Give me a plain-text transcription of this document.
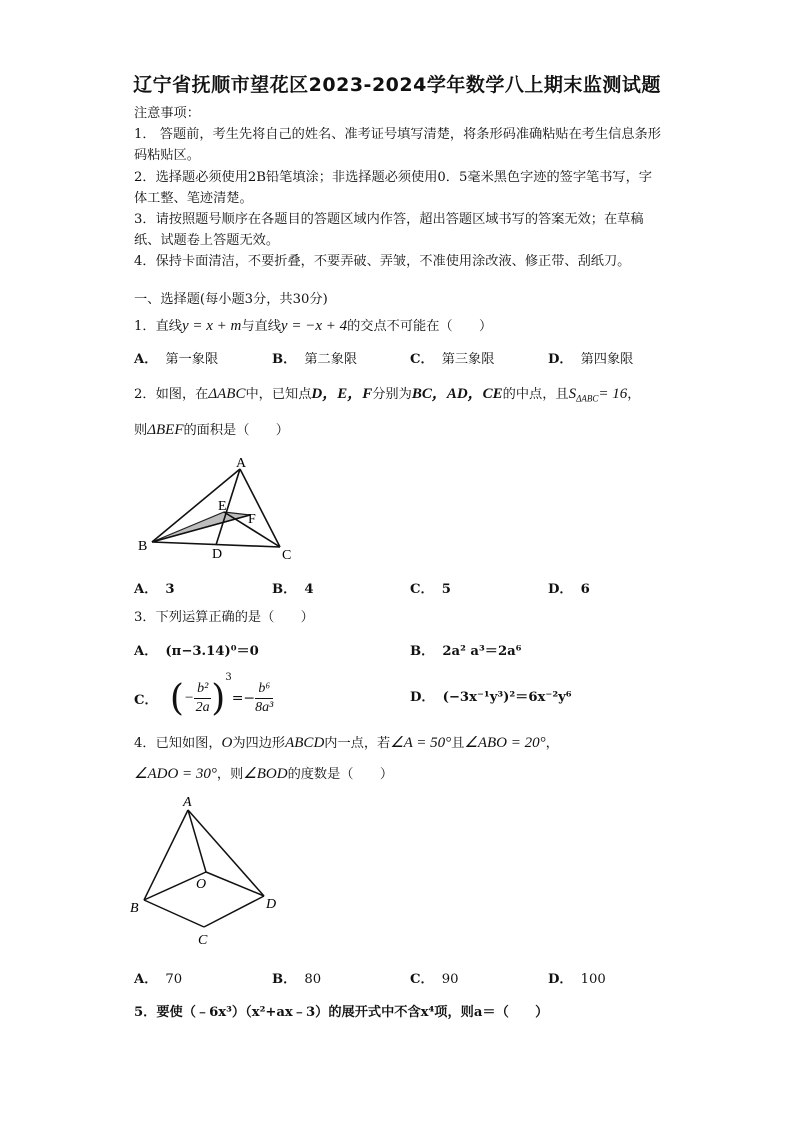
辽宁省抚顺市望花区2023-2024学年数学八上期末监测试题

注意事项：

1． 答题前，考生先将自己的姓名、准考证号填写清楚，将条形码准确粘贴在考生信息条形码粘贴区。

2．选择题必须使用2B铅笔填涂；非选择题必须使用0．5毫米黑色字迹的签字笔书写，字体工整、笔迹清楚。

3．请按照题号顺序在各题目的答题区域内作答，超出答题区域书写的答案无效；在草稿纸、试题卷上答题无效。

4．保持卡面清洁，不要折叠，不要弄破、弄皱，不准使用涂改液、修正带、刮纸刀。

一、选择题(每小题3分，共30分)
1．直线y = x + m与直线y = −x + 4的交点不可能在（　　）
A． 第一象限	B． 第二象限	C． 第三象限	D． 第四象限
2．如图，在ΔABC中，已知点D，E，F分别为BC，AD，CE的中点，且$S_{\Delta ABC}= 16$，
则ΔBEF的面积是（　　）
A
B
C
D
E
F
A． 3	B． 4	C． 5	D． 6
3．下列运算正确的是（　　）
A． (π−3.14)⁰＝0	B． 2a² a³＝2a⁶
C． (− $\frac{\text{b²}}{2a} )^3=- \frac{\text{b⁶}}{\text{8a³}}$	D． (−3x⁻¹y³)²＝6x⁻²y⁶
4．已知如图，O为四边形ABCD内一点，若∠A = 50°且∠ABO = 20°，
∠ADO = 30°，则∠BOD的度数是（　　）
A
B
C
D
O
A． 70	B． 80	C． 90	D． 100
5．要使（﹣6x³）（x²+ax﹣3）的展开式中不含x⁴项，则a＝（　　）
